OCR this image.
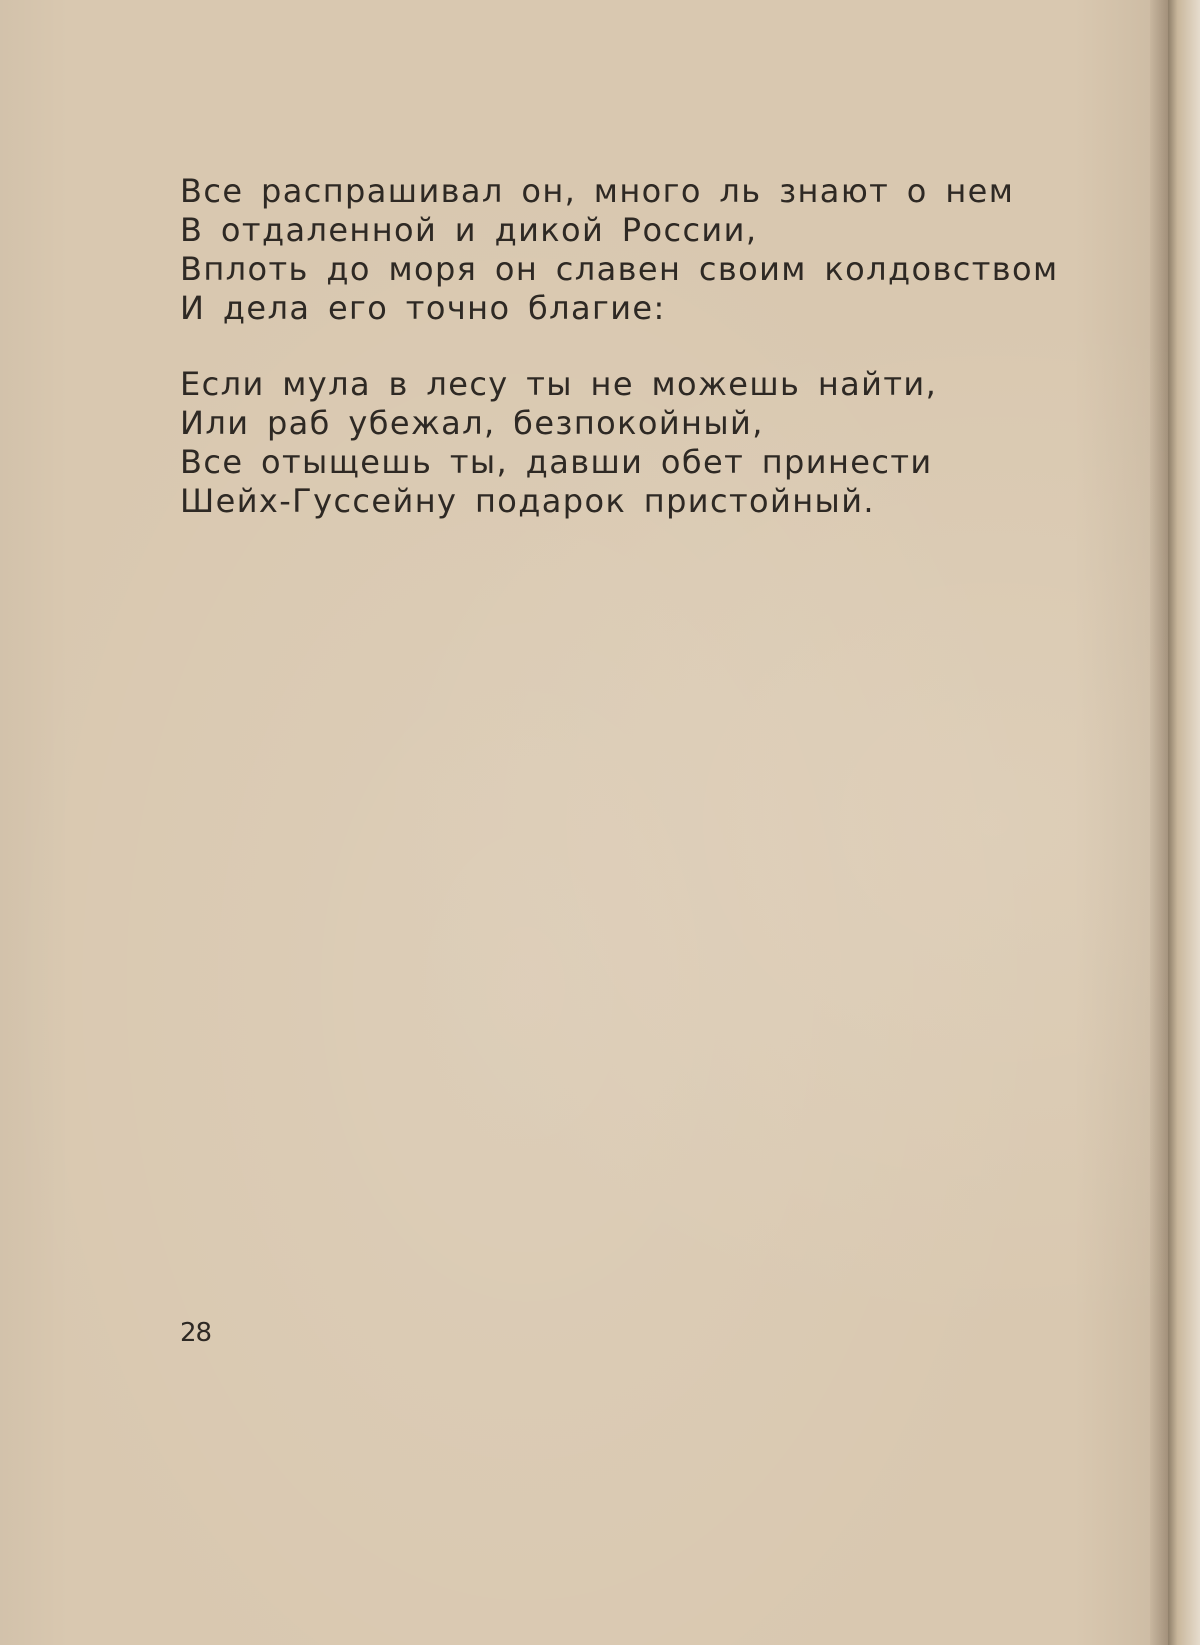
Все распрашивал он, много ль знают о нем
В отдаленной и дикой России,
Вплоть до моря он славен своим колдовством
И дела его точно благие:
Если мула в лесу ты не можешь найти,
Или раб убежал, безпокойный,
Все отыщешь ты, давши обет принести
Шейх-Гуссейну подарок пристойный.
28
